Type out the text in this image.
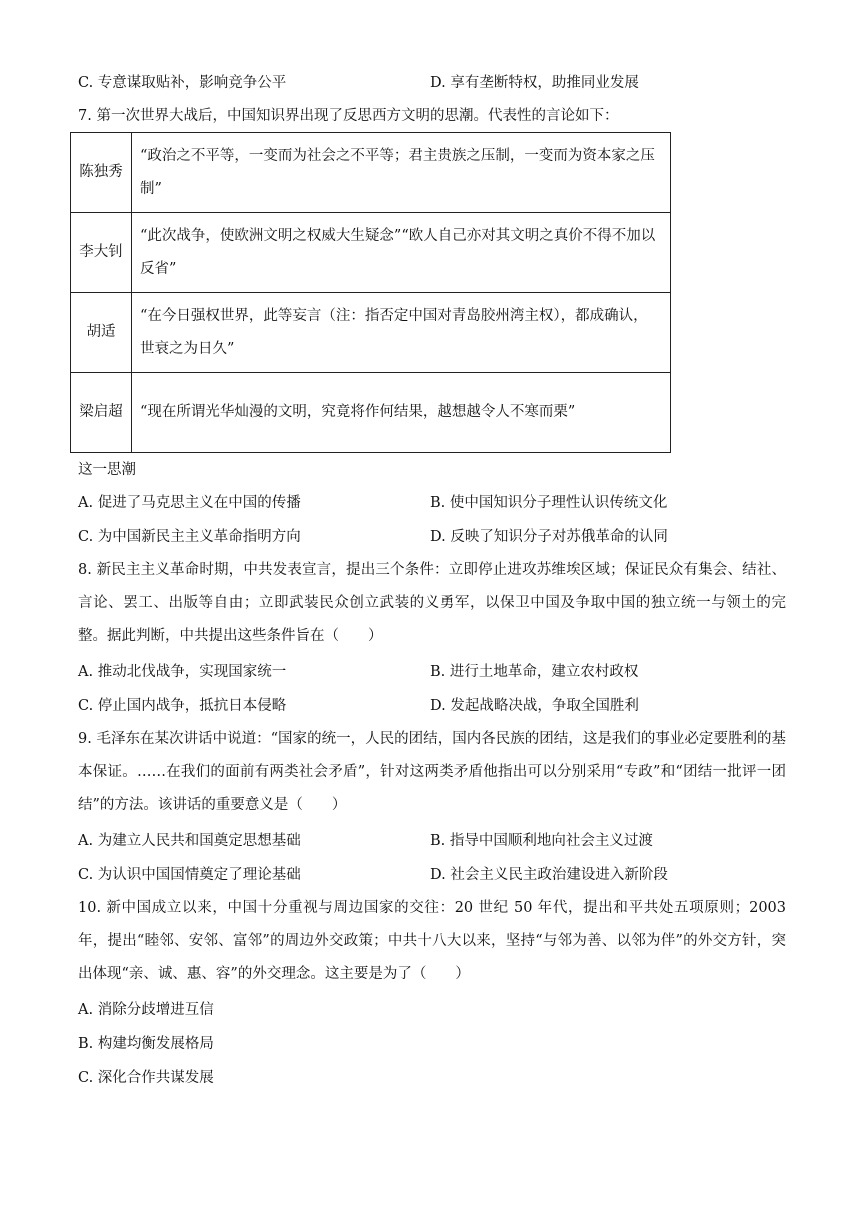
C. 专意谋取贴补，影响竞争公平	D. 享有垄断特权，助推同业发展
7. 第一次世界大战后，中国知识界出现了反思西方文明的思潮。代表性的言论如下：
陈独秀	“政治之不平等，一变而为社会之不平等；君主贵族之压制，一变而为资本家之压制”
李大钊	“此次战争，使欧洲文明之权威大生疑念”“欧人自己亦对其文明之真价不得不加以反省”
胡适	“在今日强权世界，此等妄言（注：指否定中国对青岛胶州湾主权），都成确认，世衰之为日久”
梁启超	“现在所谓光华灿漫的文明，究竟将作何结果，越想越令人不寒而栗”
这一思潮
A. 促进了马克思主义在中国的传播	B. 使中国知识分子理性认识传统文化
C. 为中国新民主主义革命指明方向	D. 反映了知识分子对苏俄革命的认同
8. 新民主主义革命时期，中共发表宣言，提出三个条件：立即停止进攻苏维埃区域；保证民众有集会、结社、言论、罢工、出版等自由；立即武装民众创立武装的义勇军，以保卫中国及争取中国的独立统一与领土的完整。据此判断，中共提出这些条件旨在（　　）
A. 推动北伐战争，实现国家统一	B. 进行土地革命，建立农村政权
C. 停止国内战争，抵抗日本侵略	D. 发起战略决战，争取全国胜利
9. 毛泽东在某次讲话中说道：“国家的统一，人民的团结，国内各民族的团结，这是我们的事业必定要胜利的基本保证。……在我们的面前有两类社会矛盾”，针对这两类矛盾他指出可以分别采用“专政”和“团结一批评一团结”的方法。该讲话的重要意义是（　　）
A. 为建立人民共和国奠定思想基础	B. 指导中国顺利地向社会主义过渡
C. 为认识中国国情奠定了理论基础	D. 社会主义民主政治建设进入新阶段
10. 新中国成立以来，中国十分重视与周边国家的交往：20 世纪 50 年代，提出和平共处五项原则；2003 年，提出“睦邻、安邻、富邻”的周边外交政策；中共十八大以来，坚持“与邻为善、以邻为伴”的外交方针，突出体现“亲、诚、惠、容”的外交理念。这主要是为了（　　）
A. 消除分歧增进互信
B. 构建均衡发展格局
C. 深化合作共谋发展
